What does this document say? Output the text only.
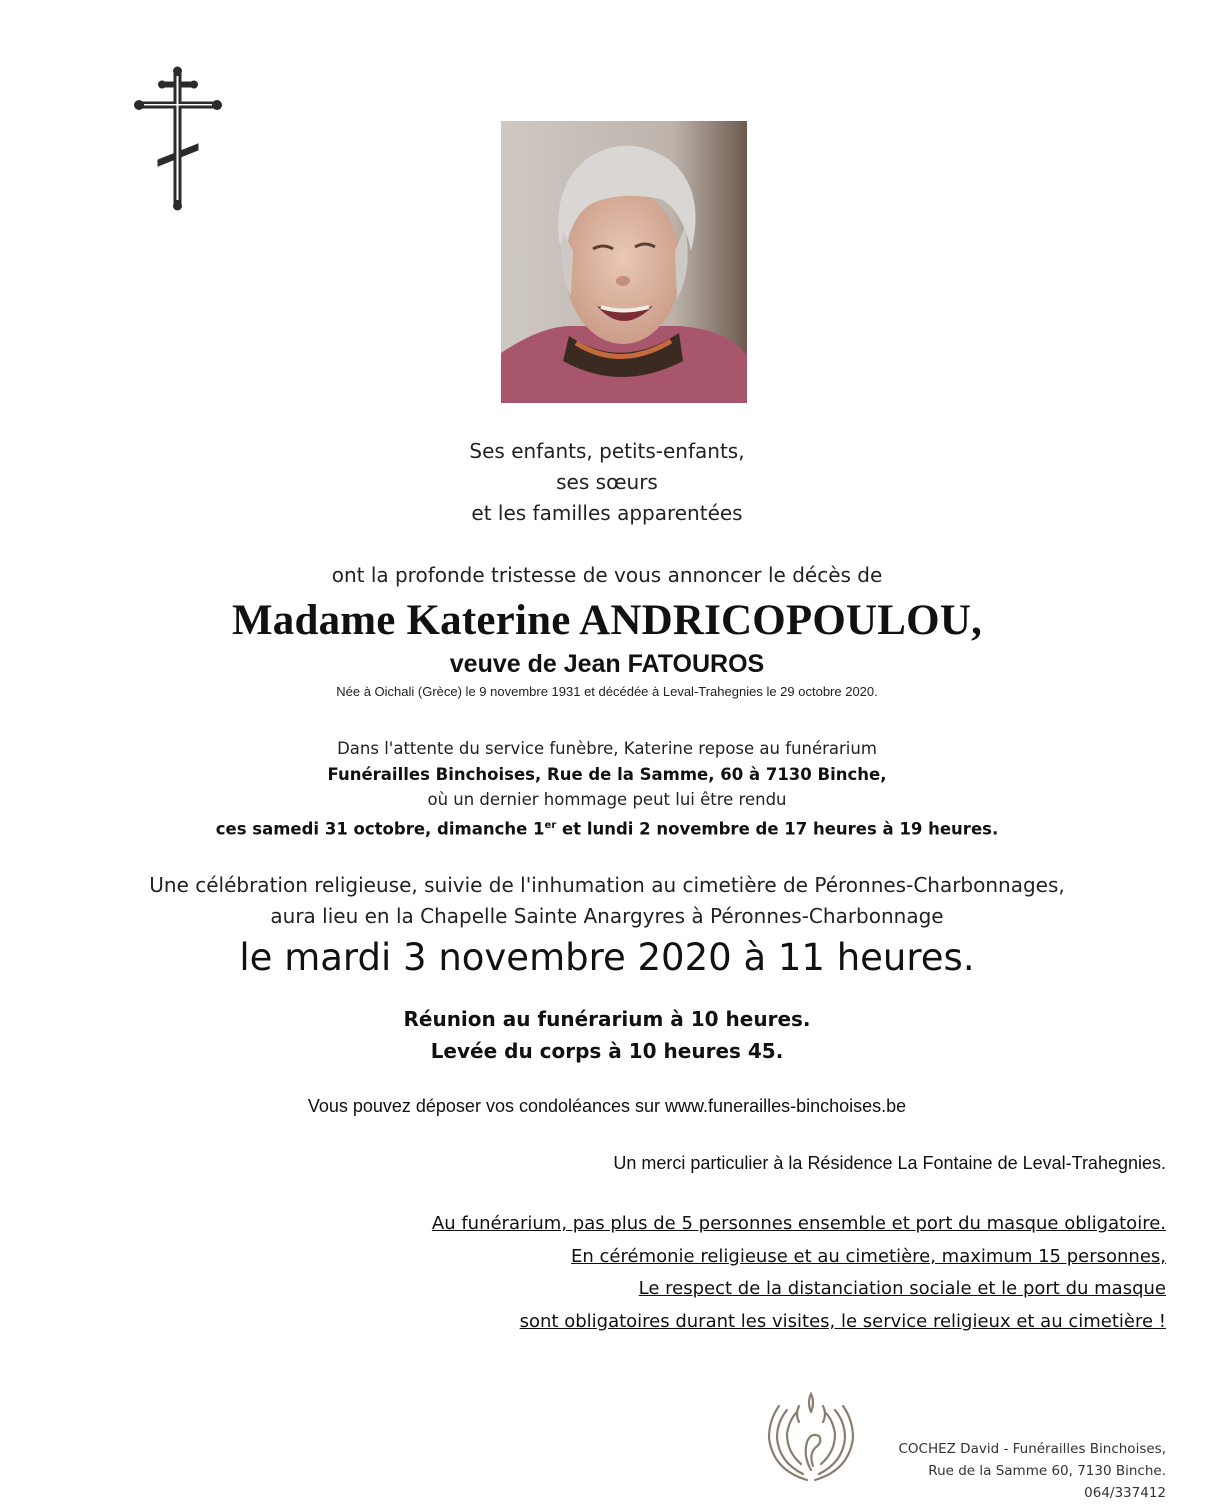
Ses enfants, petits-enfants,
ses sœurs
et les familles apparentées
ont la profonde tristesse de vous annoncer le décès de
Madame Katerine ANDRICOPOULOU,
veuve de Jean FATOUROS
Née à Oichali (Grèce) le 9 novembre 1931 et décédée à Leval-Trahegnies le 29 octobre 2020.
Dans l'attente du service funèbre, Katerine repose au funérarium
Funérailles Binchoises, Rue de la Samme, 60 à 7130 Binche,
où un dernier hommage peut lui être rendu
ces samedi 31 octobre, dimanche 1er et lundi 2 novembre de 17 heures à 19 heures.
Une célébration religieuse, suivie de l'inhumation au cimetière de Péronnes-Charbonnages,
aura lieu en la Chapelle Sainte Anargyres à Péronnes-Charbonnage
le mardi 3 novembre 2020 à 11 heures.
Réunion au funérarium à 10 heures.
Levée du corps à 10 heures 45.
Vous pouvez déposer vos condoléances sur www.funerailles-binchoises.be
Un merci particulier à la Résidence La Fontaine de Leval-Trahegnies.
Au funérarium, pas plus de 5 personnes ensemble et port du masque obligatoire.
En cérémonie religieuse et au cimetière, maximum 15 personnes,
Le respect de la distanciation sociale et le port du masque
sont obligatoires durant les visites, le service religieux et au cimetière !
COCHEZ David - Funérailles Binchoises,
Rue de la Samme 60, 7130 Binche.
064/337412
